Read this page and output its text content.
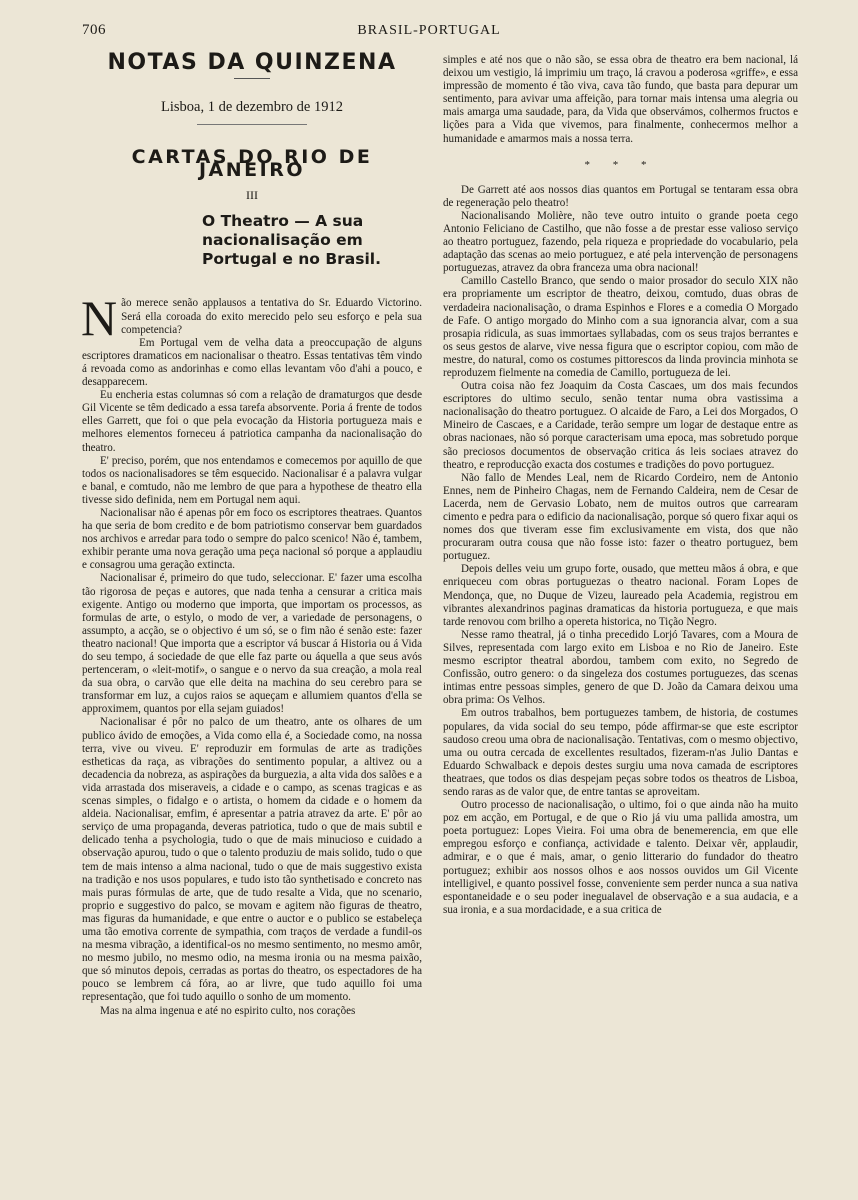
706	BRASIL-PORTUGAL
NOTAS DA QUINZENA
Lisboa, 1 de dezembro de 1912
CARTAS DO RIO DE JANEIRO
III
O Theatro — A sua nacionalisação em Portugal e no Brasil.

Não merece senão applausos a tentativa do Sr. Eduardo Victorino. Será ella coroada do exito merecido pelo seu esforço e pela sua competencia?

Em Portugal vem de velha data a preoccupação de alguns escriptores dramaticos em nacionalisar o theatro. Essas tentativas têm vindo á revoada como as andorinhas e como ellas levantam vôo d'ahi a pouco, e desapparecem.

Eu encheria estas columnas só com a relação de dramaturgos que desde Gil Vicente se têm dedicado a essa tarefa absorvente. Poria á frente de todos elles Garrett, que foi o que pela evocação da Historia portugueza mais e melhores elementos forneceu á patriotica campanha da nacionalisação do theatro.

E' preciso, porém, que nos entendamos e comecemos por aquillo de que todos os nacionalisadores se têm esquecido. Nacionalisar é a palavra vulgar e banal, e comtudo, não me lembro de que para a hypothese de theatro ella tivesse sido definida, nem em Portugal nem aqui.

Nacionalisar não é apenas pôr em foco os escriptores theatraes. Quantos ha que seria de bom credito e de bom patriotismo conservar bem guardados nos archivos e arredar para todo o sempre do palco scenico! Não é, tambem, exhibir perante uma nova geração uma peça nacional só porque a applaudiu e consagrou uma geração extincta.

Nacionalisar é, primeiro do que tudo, seleccionar. E' fazer uma escolha tão rigorosa de peças e autores, que nada tenha a censurar a critica mais exigente. Antigo ou moderno que importa, que importam os processos, as formulas de arte, o estylo, o modo de ver, a variedade de personagens, o assumpto, a acção, se o objectivo é um só, se o fim não é senão este: fazer theatro nacional! Que importa que a escriptor vá buscar á Historia ou á Vida do seu tempo, á sociedade de que elle faz parte ou áquella a que seus avós pertenceram, o «leit-motif», o sangue e o nervo da sua creação, a mola real da sua obra, o carvão que elle deita na machina do seu cerebro para se transformar em luz, a cujos raios se aqueçam e allumiem quantos d'ella se approximem, quantos por ella sejam guiados!

Nacionalisar é pôr no palco de um theatro, ante os olhares de um publico ávido de emoções, a Vida como ella é, a Sociedade como, na nossa terra, vive ou viveu. E' reproduzir em formulas de arte as tradições estheticas da raça, as vibrações do sentimento popular, a altivez ou a decadencia da nobreza, as aspirações da burguezia, a alta vida dos salões e a vida arrastada dos miseraveis, a cidade e o campo, as scenas tragicas e as scenas simples, o fidalgo e o artista, o homem da cidade e o homem da aldeia. Nacionalisar, emfim, é apresentar a patria atravez da arte. E' pôr ao serviço de uma propaganda, deveras patriotica, tudo o que de mais subtil e delicado tenha a psychologia, tudo o que de mais minucioso e cuidado a observação apurou, tudo o que o talento produziu de mais solido, tudo o que tem de mais intenso a alma nacional, tudo o que de mais suggestivo exista na tradição e nos usos populares, e tudo isto tão synthetisado e concreto nas mais puras fórmulas de arte, que de tudo resalte a Vida, que no scenario, proprio e suggestivo do palco, se movam e agitem não figuras de theatro, mas figuras da humanidade, e que entre o auctor e o publico se estabeleça uma tão emotiva corrente de sympathia, com traços de verdade a fundil-os na mesma vibração, a identifical-os no mesmo sentimento, no mesmo amôr, no mesmo jubilo, no mesmo odio, na mesma ironia ou na mesma paixão, que só minutos depois, cerradas as portas do theatro, os espectadores de ha pouco se lembrem cá fóra, ao ar livre, que tudo aquillo foi uma representação, que foi tudo aquillo o sonho de um momento.

Mas na alma ingenua e até no espirito culto, nos corações

simples e até nos que o não são, se essa obra de theatro era bem nacional, lá deixou um vestigio, lá imprimiu um traço, lá cravou a poderosa «griffe», e essa impressão de momento é tão viva, cava tão fundo, que basta para depurar um sentimento, para avivar uma affeição, para tornar mais intensa uma alegria ou mais amarga uma saudade, para, da Vida que observámos, colhermos fructos e lições para a Vida que vivemos, para finalmente, conhecermos melhor a humanidade e amarmos mais a nossa terra.

* * *

De Garrett até aos nossos dias quantos em Portugal se tentaram essa obra de regeneração pelo theatro!

Nacionalisando Molière, não teve outro intuito o grande poeta cego Antonio Feliciano de Castilho, que não fosse a de prestar esse valioso serviço ao theatro portuguez, fazendo, pela riqueza e propriedade do vocabulario, pela adaptação das scenas ao meio portuguez, e até pela intervenção de personagens portuguezas, atravez da obra franceza uma obra nacional!

Camillo Castello Branco, que sendo o maior prosador do seculo XIX não era propriamente um escriptor de theatro, deixou, comtudo, duas obras de verdadeira nacionalisação, o drama Espinhos e Flores e a comedia O Morgado de Fafe. O antigo morgado do Minho com a sua ignorancia alvar, com a sua prosapia ridicula, as suas immortaes syllabadas, com os seus trajos berrantes e os seus gestos de alarve, vive nessa figura que o escriptor copiou, com mão de mestre, do natural, como os costumes pittorescos da linda provincia minhota se reproduzem fielmente na comedia de Camillo, portugueza de lei.

Outra coisa não fez Joaquim da Costa Cascaes, um dos mais fecundos escriptores do ultimo seculo, senão tentar numa obra vastissima a nacionalisação do theatro portuguez. O alcaide de Faro, a Lei dos Morgados, O Mineiro de Cascaes, e a Caridade, terão sempre um logar de destaque entre as obras nacionaes, não só porque caracterisam uma epoca, mas sobretudo porque são preciosos documentos de observação critica ás leis sociaes atravez do theatro, e reproducção exacta dos costumes e tradições do povo portuguez.

Não fallo de Mendes Leal, nem de Ricardo Cordeiro, nem de Antonio Ennes, nem de Pinheiro Chagas, nem de Fernando Caldeira, nem de Cesar de Lacerda, nem de Gervasio Lobato, nem de muitos outros que carrearam cimento e pedra para o edificio da nacionalisação, porque só quero fixar aqui os nomes dos que tiveram esse fim exclusivamente em vista, dos que não procuraram outra cousa que não fosse isto: fazer o theatro portuguez, bem portuguez.

Depois delles veiu um grupo forte, ousado, que metteu mãos á obra, e que enriqueceu com obras portuguezas o theatro nacional. Foram Lopes de Mendonça, que, no Duque de Vizeu, laureado pela Academia, registrou em vibrantes alexandrinos paginas dramaticas da historia portugueza, e que mais tarde renovou com brilho a opereta historica, no Tição Negro.

Nesse ramo theatral, já o tinha precedido Lorjó Tavares, com a Moura de Silves, representada com largo exito em Lisboa e no Rio de Janeiro. Este mesmo escriptor theatral abordou, tambem com exito, no Segredo de Confissão, outro genero: o da singeleza dos costumes portuguezes, das scenas intimas entre pessoas simples, genero de que D. João da Camara deixou uma obra prima: Os Velhos.

Em outros trabalhos, bem portuguezes tambem, de historia, de costumes populares, da vida social do seu tempo, póde affirmar-se que este escriptor saudoso creou uma obra de nacionalisação. Tentativas, com o mesmo objectivo, uma ou outra cercada de excellentes resultados, fizeram-n'as Julio Dantas e Eduardo Schwalback e depois destes surgiu uma nova camada de escriptores theatraes, que todos os dias despejam peças sobre todos os theatros de Lisboa, sendo raras as de valor que, de entre tantas se aproveitam.

Outro processo de nacionalisação, o ultimo, foi o que ainda não ha muito poz em acção, em Portugal, e de que o Rio já viu uma pallida amostra, um poeta portuguez: Lopes Vieira. Foi uma obra de benemerencia, em que elle empregou esforço e confiança, actividade e talento. Deixar vêr, applaudir, admirar, e o que é mais, amar, o genio litterario do fundador do theatro portuguez; exhibir aos nossos olhos e aos nossos ouvidos um Gil Vicente intelligivel, e quanto possivel fosse, conveniente sem perder nunca a sua nativa espontaneidade e o seu poder inegualavel de observação e a sua audacia, e a sua ironia, e a sua mordacidade, e a sua critica de
